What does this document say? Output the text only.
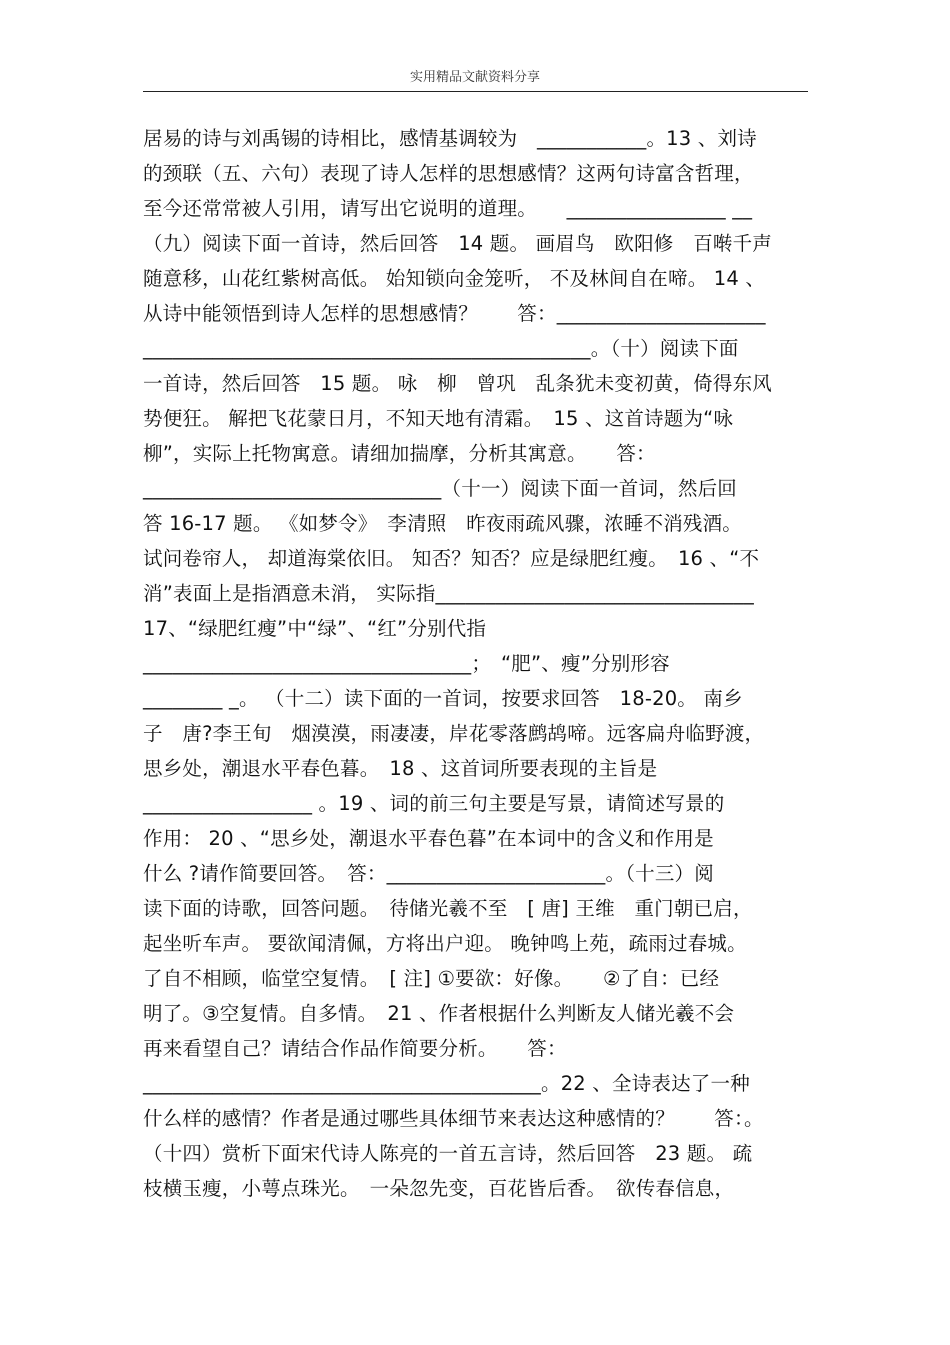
实用精品文献资料分享
居易的诗与刘禹锡的诗相比，感情基调较为　___________。13 、刘诗
的颈联（五、六句）表现了诗人怎样的思想感情？这两句诗富含哲理，
至今还常常被人引用，请写出它说明的道理。　　________________ __
（九）阅读下面一首诗，然后回答　14 题。 画眉鸟　欧阳修　百啭千声
随意移，山花红紫树高低。 始知锁向金笼听， 不及林间自在啼。 14 、
从诗中能领悟到诗人怎样的思想感情？　　答：_____________________
_____________________________________________。（十）阅读下面
一首诗，然后回答　15 题。 咏　柳　曾巩　乱条犹未变初黄，倚得东风
势便狂。 解把飞花蒙日月，不知天地有清霜。　15 、这首诗题为“咏
柳”，实际上托物寓意。请细加揣摩，分析其寓意。　　答：
______________________________（十一）阅读下面一首词，然后回
答 16-17 题。 《如梦令》　李清照　昨夜雨疏风骤，浓睡不消残酒。
试问卷帘人， 却道海棠依旧。 知否？知否？应是绿肥红瘦。　16 、“不
消”表面上是指酒意未消， 实际指________________________________
17、“绿肥红瘦”中“绿”、“红”分别代指
_________________________________；　“肥”、瘦”分别形容
________ _。 （十二）读下面的一首词，按要求回答　18-20。 南乡
子　唐?李王旬　烟漠漠，雨凄凄，岸花零落鹧鸪啼。远客扁舟临野渡，
思乡处，潮退水平春色暮。　18 、这首词所要表现的主旨是
_________________ 。19 、词的前三句主要是写景，请简述写景的
作用： 20 、“思乡处，潮退水平春色暮”在本词中的含义和作用是
什么 ?请作简要回答。　答：______________________。（十三）阅
读下面的诗歌，回答问题。　待储光羲不至　[ 唐] 王维　重门朝已启，
起坐听车声。 要欲闻清佩，方将出户迎。 晚钟鸣上苑，疏雨过春城。
了自不相顾，临堂空复情。　[ 注] ①要欲：好像。　　②了自：已经
明了。③空复情。自多情。　21 、作者根据什么判断友人储光羲不会
再来看望自己？请结合作品作简要分析。　　答：
________________________________________。22 、全诗表达了一种
什么样的感情？作者是通过哪些具体细节来表达这种感情的？　　答：。
（十四）赏析下面宋代诗人陈亮的一首五言诗，然后回答　23 题。 疏
枝横玉瘦，小萼点珠光。　一朵忽先变，百花皆后香。　欲传春信息，
